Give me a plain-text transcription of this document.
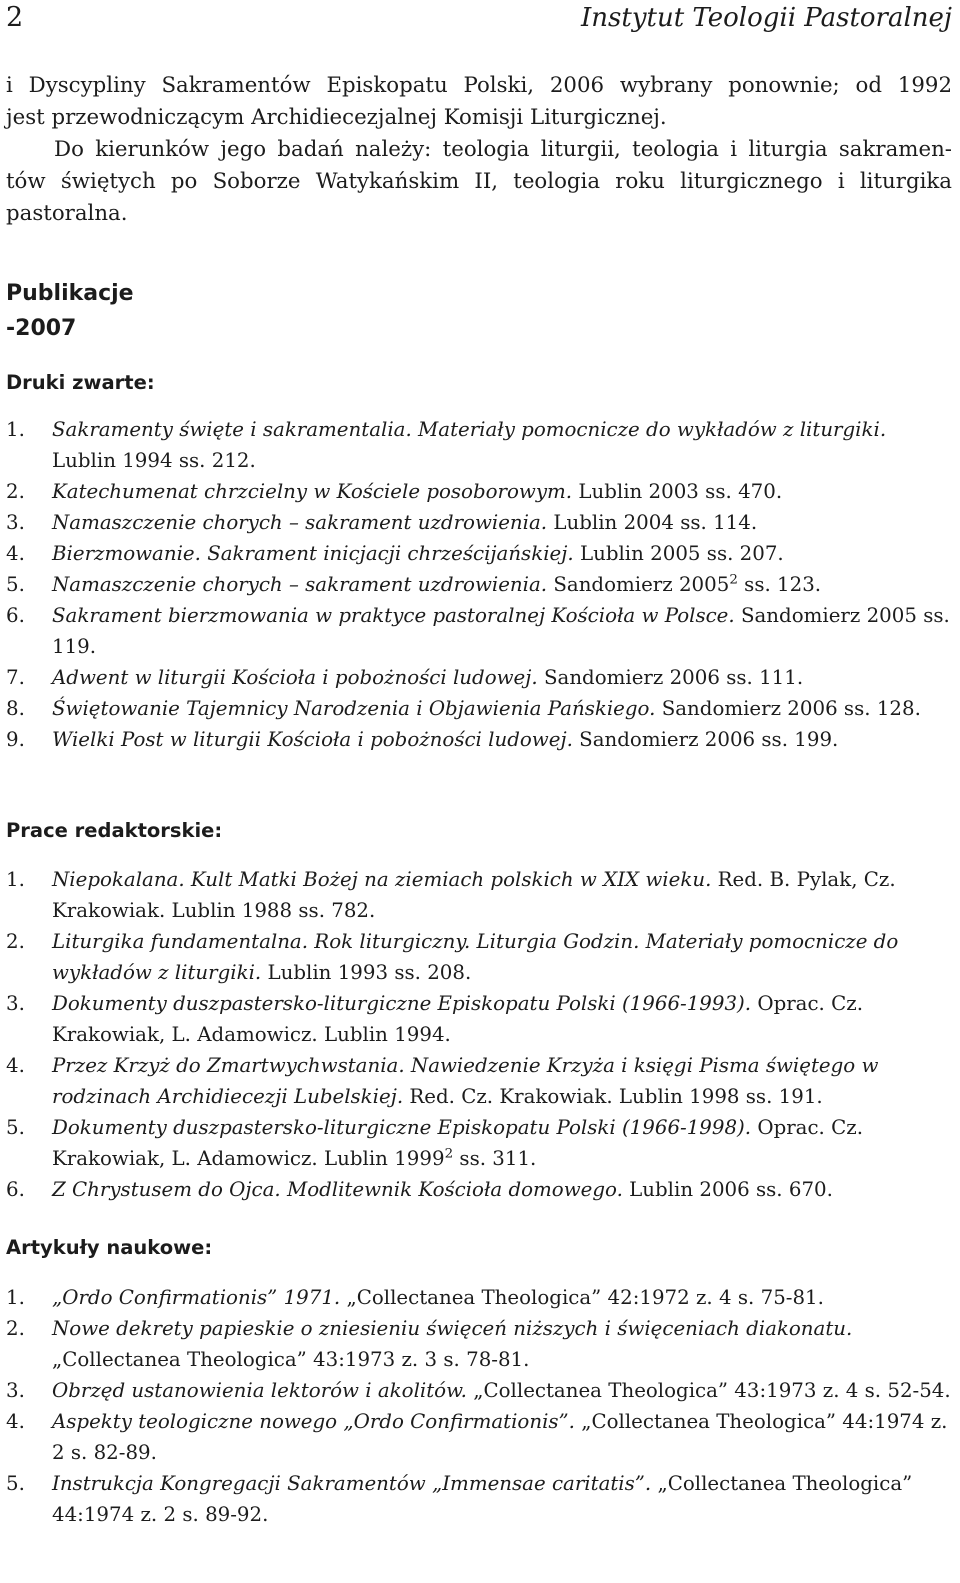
2	Instytut Teologii Pastoralnej
i Dyscypliny Sakramentów Episkopatu Polski, 2006 wybrany ponownie; od 1992
jest przewodniczącym Archidiecezjalnej Komisji Liturgicznej.
Do kierunków jego badań należy: teologia liturgii, teologia i liturgia sakramen-
tów świętych po Soborze Watykańskim II, teologia roku liturgicznego i liturgika
pastoralna.
Publikacje
-2007
Druki zwarte:
1. Sakramenty święte i sakramentalia. Materiały pomocnicze do wykładów z liturgiki. Lublin 1994 ss. 212.
2. Katechumenat chrzcielny w Kościele posoborowym. Lublin 2003 ss. 470.
3. Namaszczenie chorych – sakrament uzdrowienia. Lublin 2004 ss. 114.
4. Bierzmowanie. Sakrament inicjacji chrześcijańskiej. Lublin 2005 ss. 207.
5. Namaszczenie chorych – sakrament uzdrowienia. Sandomierz 2005$^2$ ss. 123.
6. Sakrament bierzmowania w praktyce pastoralnej Kościoła w Polsce. Sandomierz 2005 ss. 119.
7. Adwent w liturgii Kościoła i pobożności ludowej. Sandomierz 2006 ss. 111.
8. Świętowanie Tajemnicy Narodzenia i Objawienia Pańskiego. Sandomierz 2006 ss. 128.
9. Wielki Post w liturgii Kościoła i pobożności ludowej. Sandomierz 2006 ss. 199.
Prace redaktorskie:
1. Niepokalana. Kult Matki Bożej na ziemiach polskich w XIX wieku. Red. B. Pylak, Cz. Krakowiak. Lublin 1988 ss. 782.
2. Liturgika fundamentalna. Rok liturgiczny. Liturgia Godzin. Materiały pomocnicze do wykładów z liturgiki. Lublin 1993 ss. 208.
3. Dokumenty duszpastersko-liturgiczne Episkopatu Polski (1966-1993). Oprac. Cz. Krakowiak, L. Adamowicz. Lublin 1994.
4. Przez Krzyż do Zmartwychwstania. Nawiedzenie Krzyża i księgi Pisma świętego w rodzinach Archidiecezji Lubelskiej. Red. Cz. Krakowiak. Lublin 1998 ss. 191.
5. Dokumenty duszpastersko-liturgiczne Episkopatu Polski (1966-1998). Oprac. Cz. Krakowiak, L. Adamowicz. Lublin 1999$^2$ ss. 311.
6. Z Chrystusem do Ojca. Modlitewnik Kościoła domowego. Lublin 2006 ss. 670.
Artykuły naukowe:
1. „Ordo Confirmationis” 1971. „Collectanea Theologica” 42:1972 z. 4 s. 75-81.
2. Nowe dekrety papieskie o zniesieniu święceń niższych i święceniach diakonatu. „Collectanea Theologica” 43:1973 z. 3 s. 78-81.
3. Obrzęd ustanowienia lektorów i akolitów. „Collectanea Theologica” 43:1973 z. 4 s. 52-54.
4. Aspekty teologiczne nowego „Ordo Confirmationis”. „Collectanea Theologica” 44:1974 z. 2 s. 82-89.
5. Instrukcja Kongregacji Sakramentów „Immensae caritatis”. „Collectanea Theologica” 44:1974 z. 2 s. 89-92.
